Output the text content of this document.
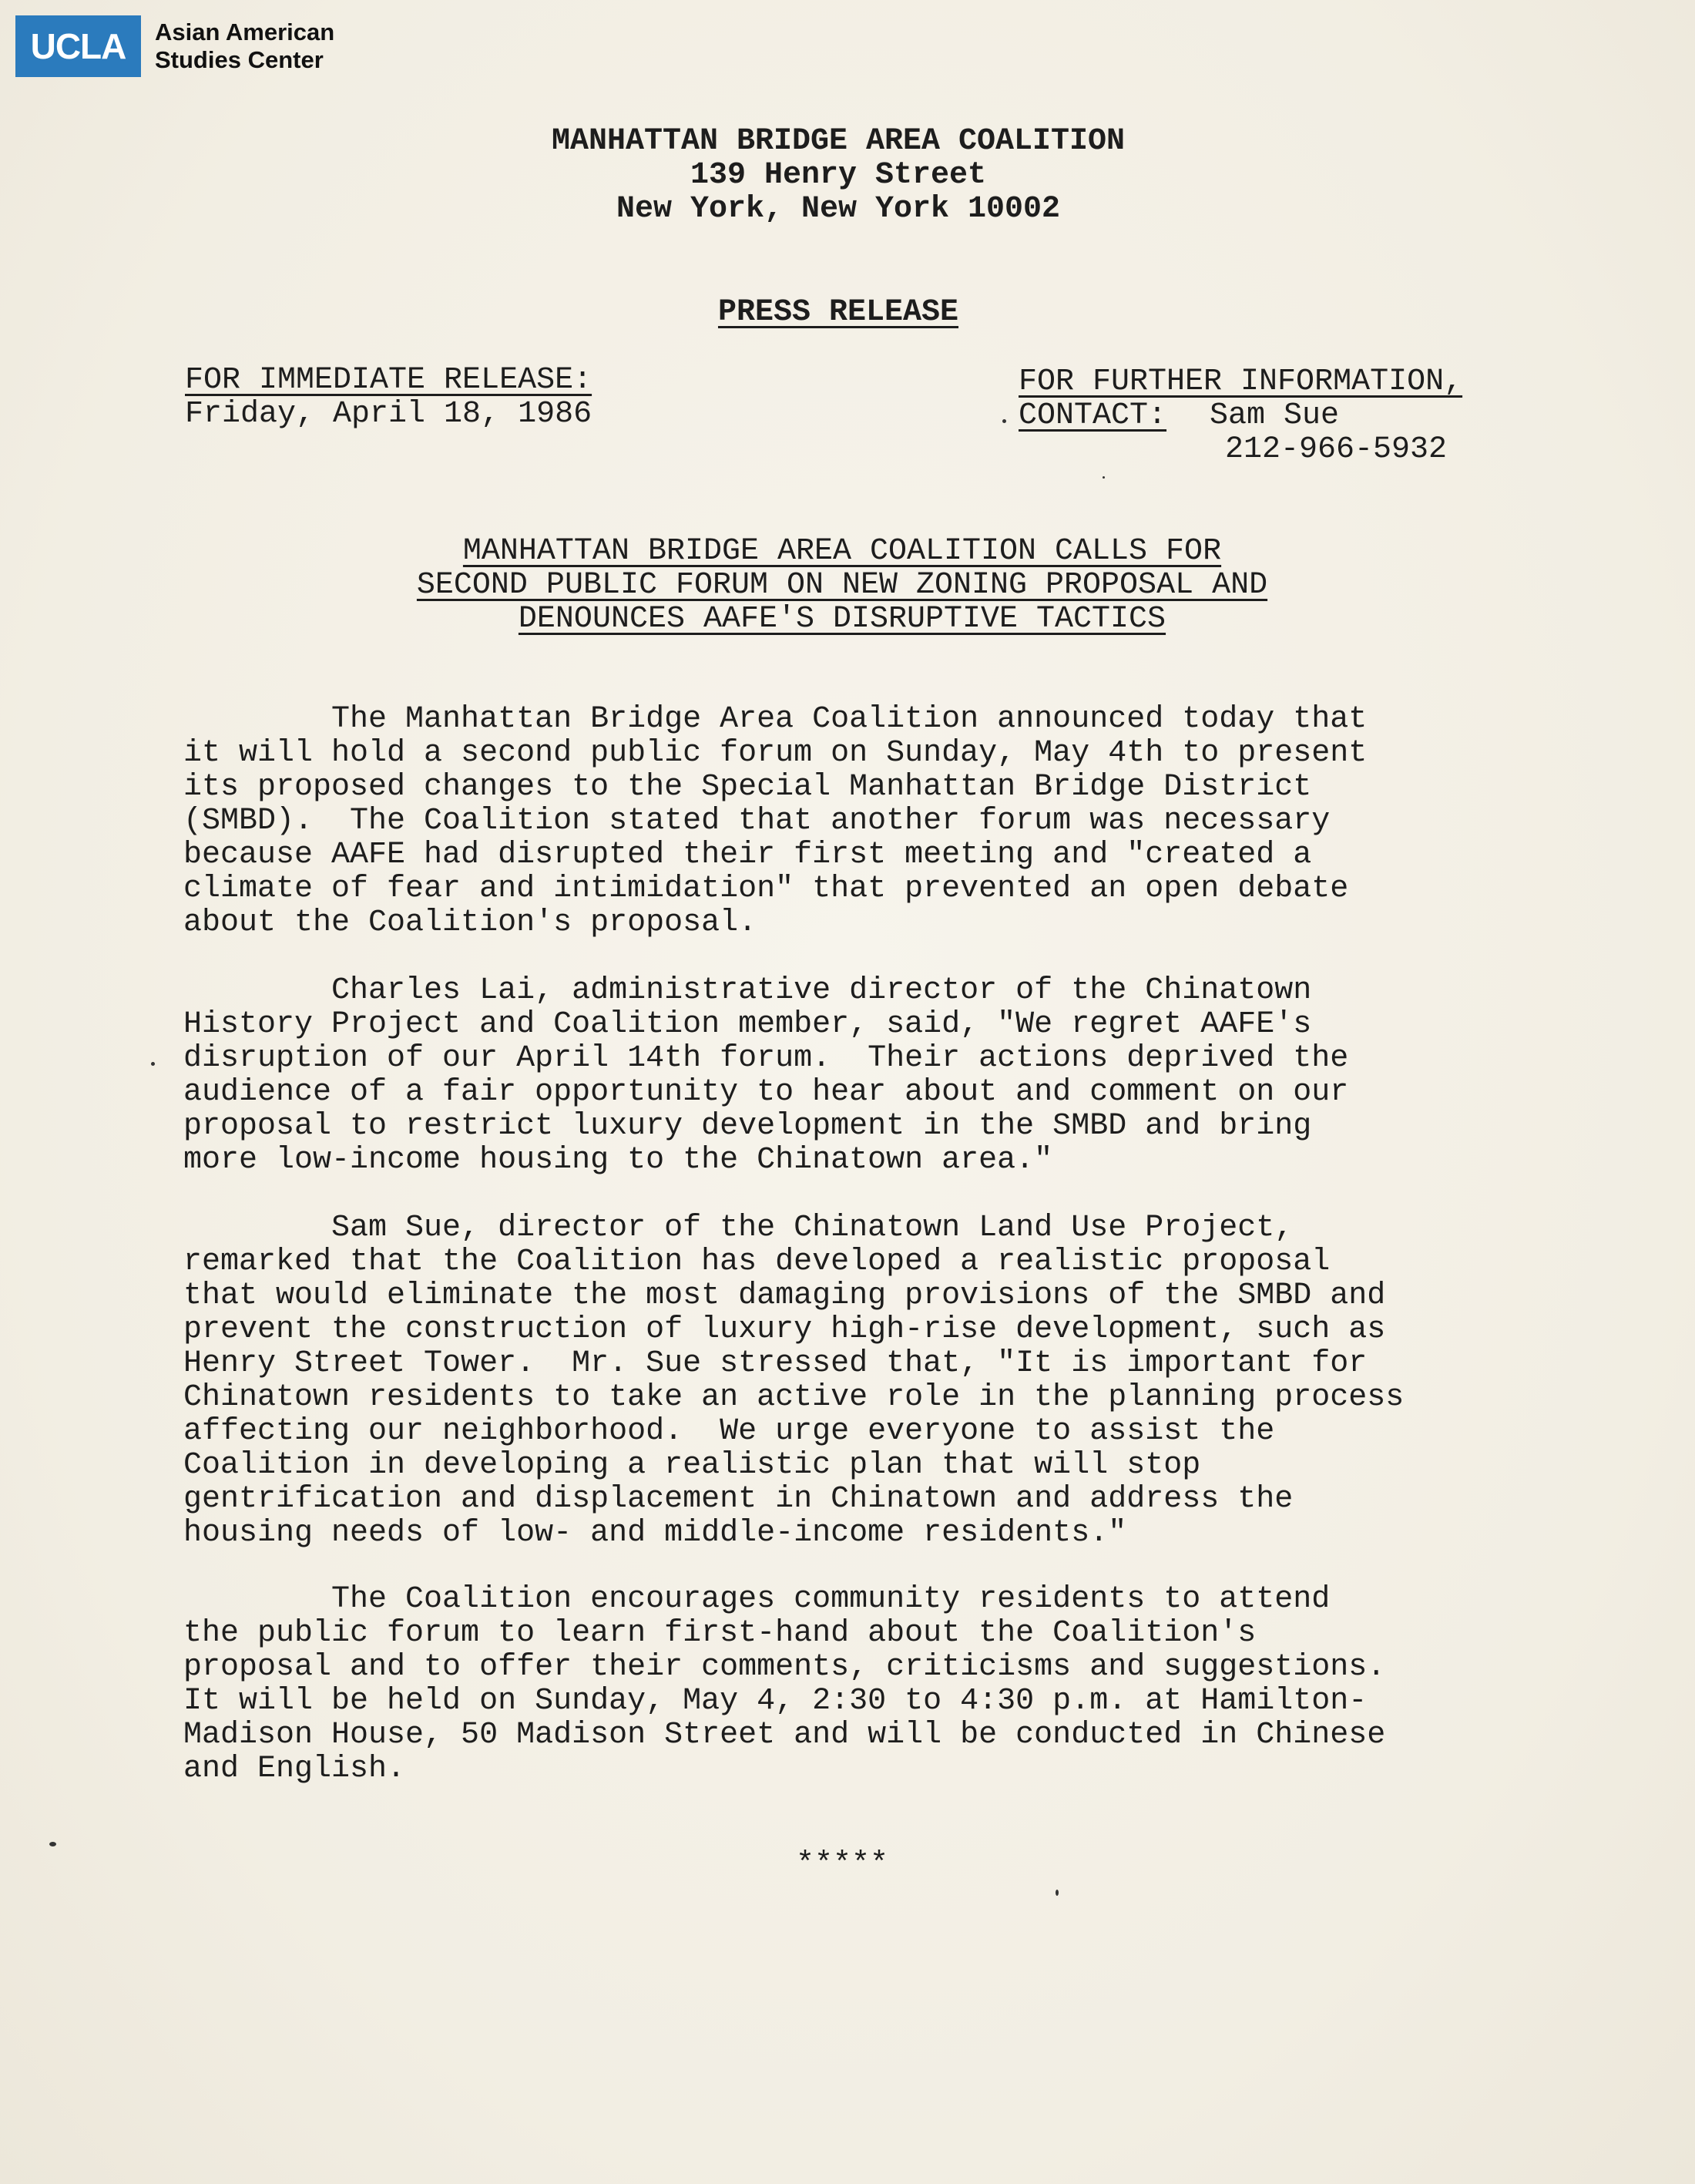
UCLA	Asian American
Studies Center
MANHATTAN BRIDGE AREA COALITION
139 Henry Street
New York, New York 10002
PRESS RELEASE
FOR IMMEDIATE RELEASE:
Friday, April 18, 1986
FOR FURTHER INFORMATION,
CONTACT: Sam Sue
212-966-5932
MANHATTAN BRIDGE AREA COALITION CALLS FOR
SECOND PUBLIC FORUM ON NEW ZONING PROPOSAL AND
DENOUNCES AAFE'S DISRUPTIVE TACTICS
The Manhattan Bridge Area Coalition announced today that
it will hold a second public forum on Sunday, May 4th to present
its proposed changes to the Special Manhattan Bridge District
(SMBD).  The Coalition stated that another forum was necessary
because AAFE had disrupted their first meeting and "created a
climate of fear and intimidation" that prevented an open debate
about the Coalition's proposal.
Charles Lai, administrative director of the Chinatown
History Project and Coalition member, said, "We regret AAFE's
disruption of our April 14th forum.  Their actions deprived the
audience of a fair opportunity to hear about and comment on our
proposal to restrict luxury development in the SMBD and bring
more low-income housing to the Chinatown area."
Sam Sue, director of the Chinatown Land Use Project,
remarked that the Coalition has developed a realistic proposal
that would eliminate the most damaging provisions of the SMBD and
prevent the construction of luxury high-rise development, such as
Henry Street Tower.  Mr. Sue stressed that, "It is important for
Chinatown residents to take an active role in the planning process
affecting our neighborhood.  We urge everyone to assist the
Coalition in developing a realistic plan that will stop
gentrification and displacement in Chinatown and address the
housing needs of low- and middle-income residents."
The Coalition encourages community residents to attend
the public forum to learn first-hand about the Coalition's
proposal and to offer their comments, criticisms and suggestions.
It will be held on Sunday, May 4, 2:30 to 4:30 p.m. at Hamilton-
Madison House, 50 Madison Street and will be conducted in Chinese
and English.
*****
